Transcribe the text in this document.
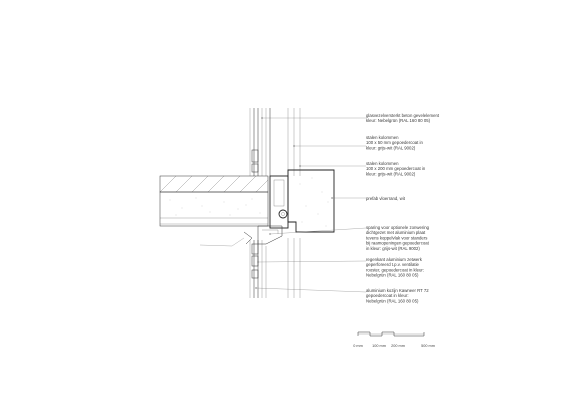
glasvezelversterkt beton gevelelement kleur: Nebelgrün (RAL 160 80 05)
stalen kolommen 100 x 50 mm gepoedercoat in kleur: grijs-wit (RAL 9002)
stalen kolommen 100 x 200 mm gepoedercoat in kleur: grijs-wit (RAL 9002)
prefab vloerrand, wit
sparing voor optionele zonwering dichtgezet met aluminium plaat tevens koppelvlak voor standers bij raamopeningen gepoedercoat in kleur: grijs-wit (RAL 9002)
regenkant aluminium zetwerk geperforeerd t.p.v. ventilatie rooster, gepoedercoat in kleur: Nebelgrün (RAL 160 80 05)
aluminium kozijn Kawneer RT 72 gepoedercoat in kleur: Nebelgrün (RAL 160 80 05)
0 mm 100 mm 200 mm	500 mm
